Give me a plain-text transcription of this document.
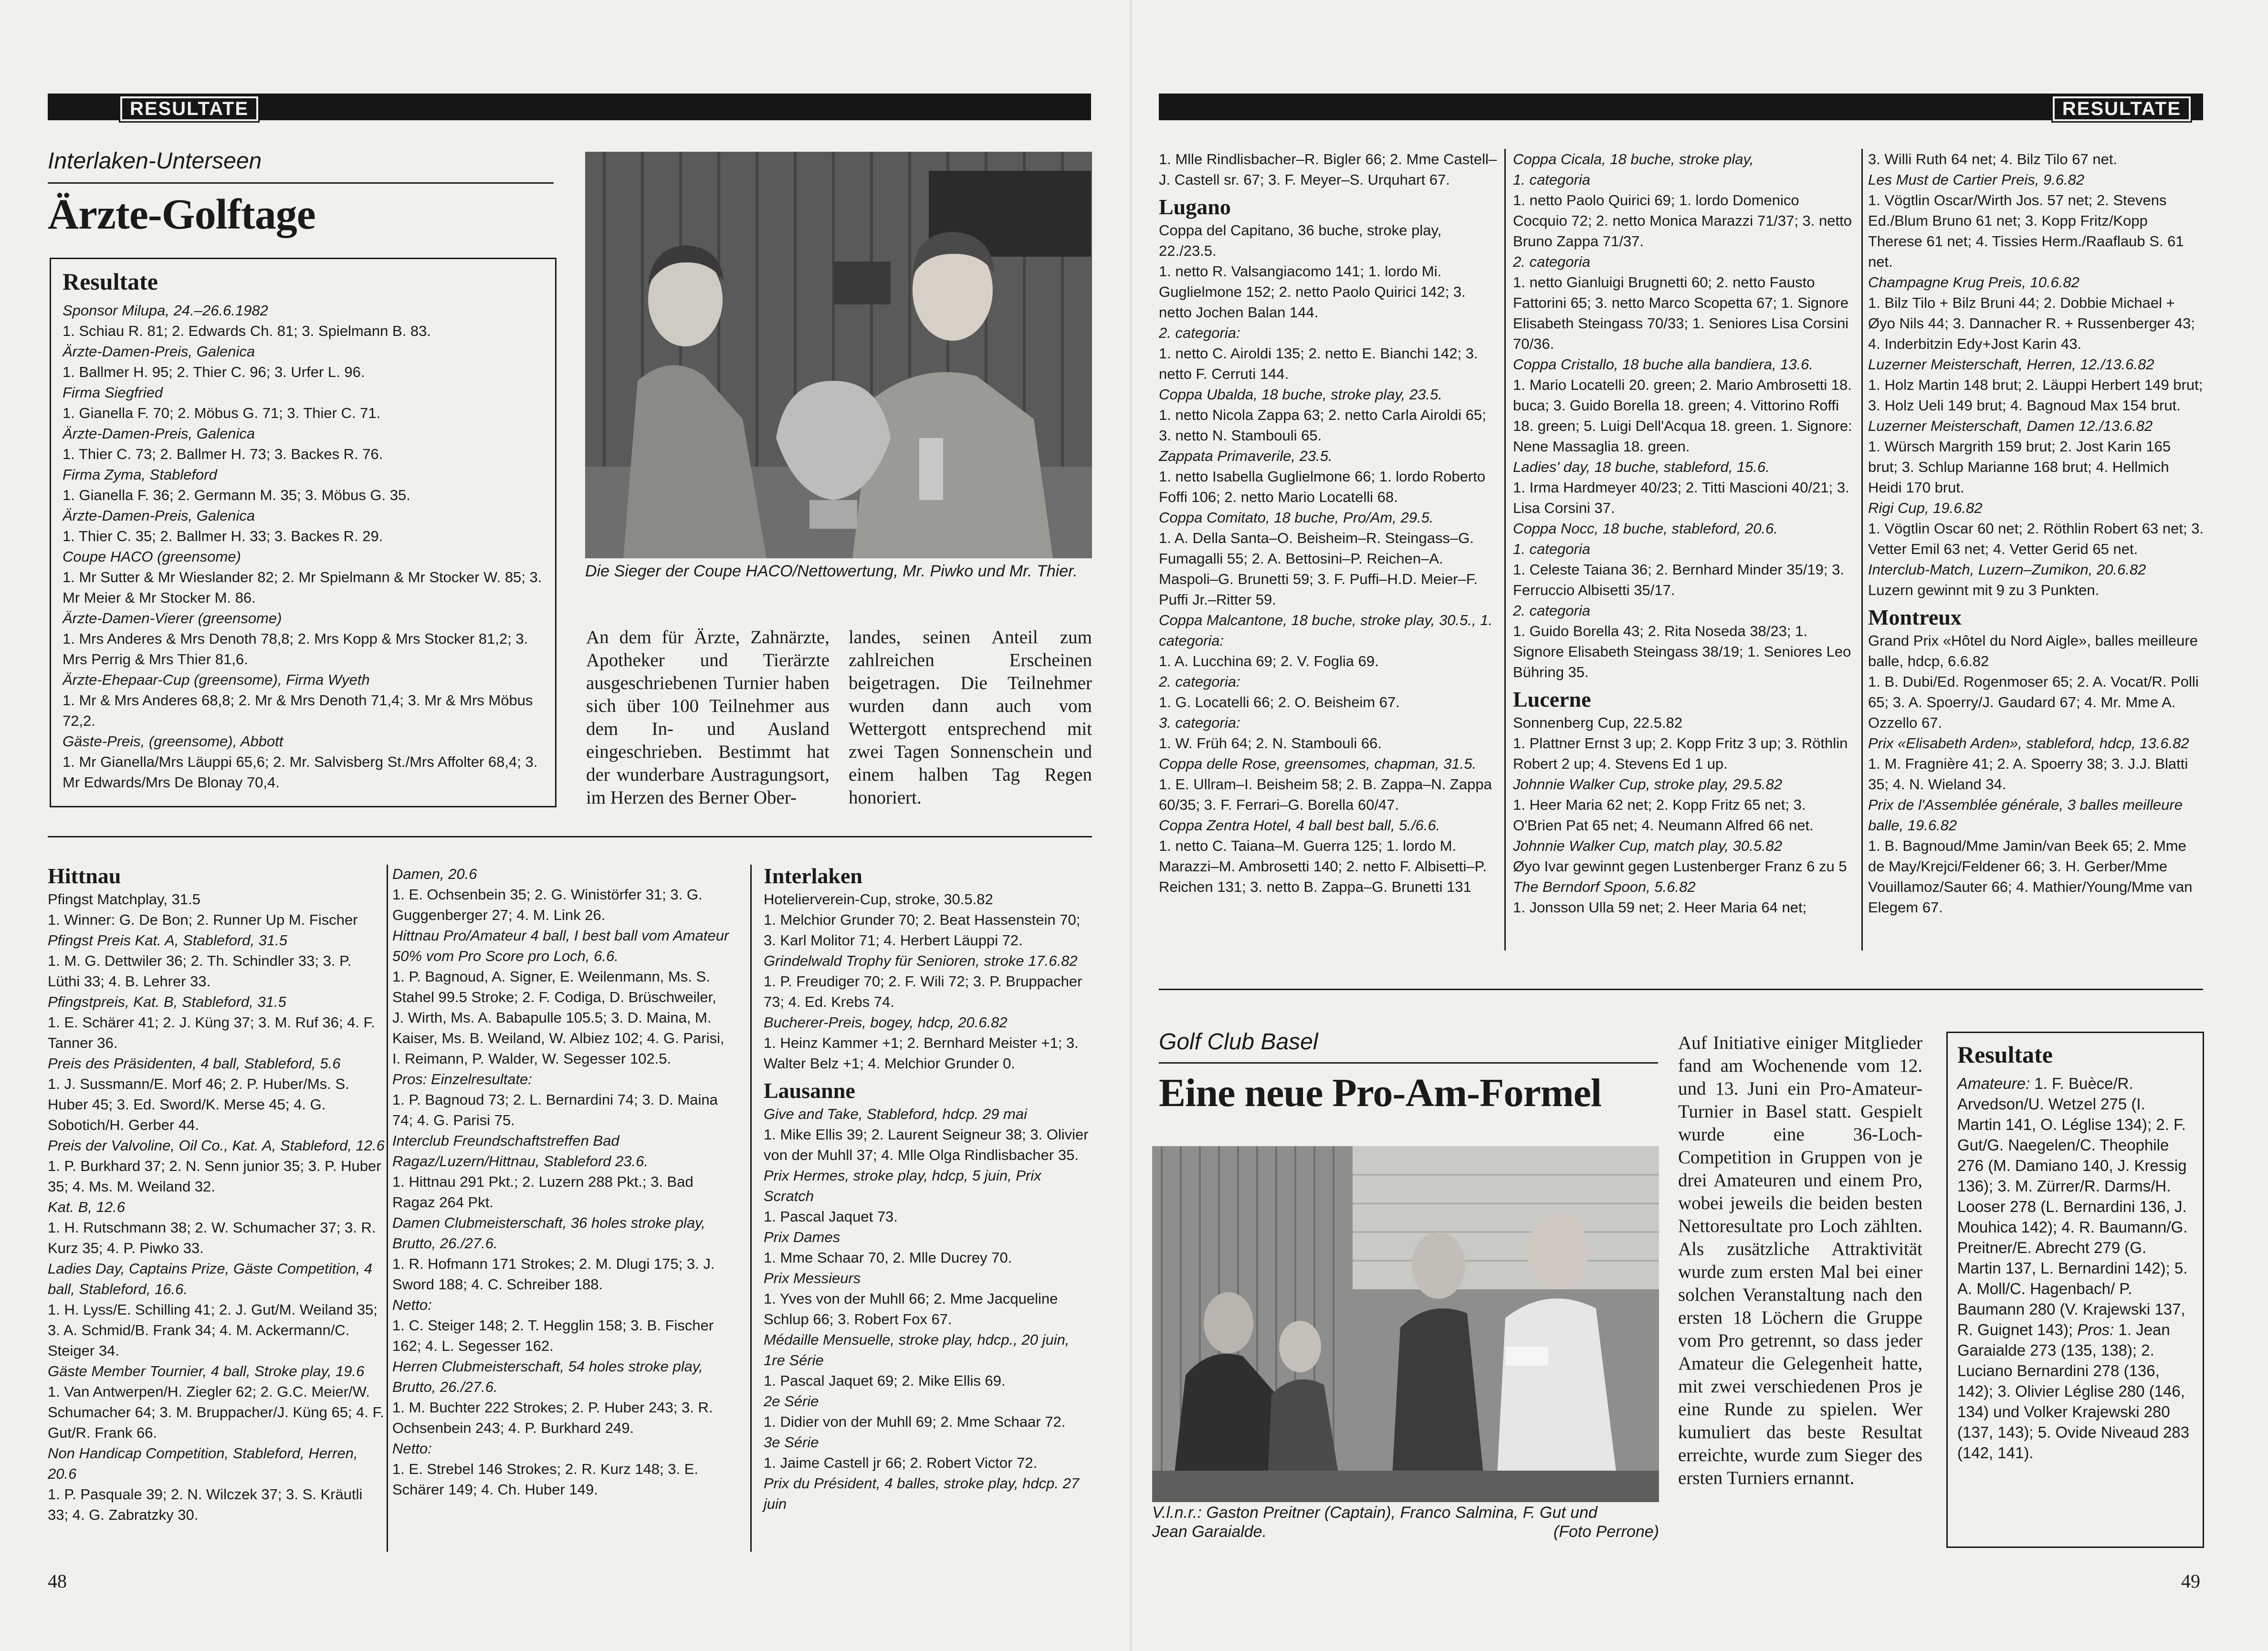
RESULTATE
Interlaken-Unterseen
Ärzte-Golftage
Resultate

Sponsor Milupa, 24.–26.6.1982

1. Schiau R. 81; 2. Edwards Ch. 81; 3. Spielmann B. 83.

Ärzte-Damen-Preis, Galenica

1. Ballmer H. 95; 2. Thier C. 96; 3. Urfer L. 96.

Firma Siegfried

1. Gianella F. 70; 2. Möbus G. 71; 3. Thier C. 71.

Ärzte-Damen-Preis, Galenica

1. Thier C. 73; 2. Ballmer H. 73; 3. Backes R. 76.

Firma Zyma, Stableford

1. Gianella F. 36; 2. Germann M. 35; 3. Möbus G. 35.

Ärzte-Damen-Preis, Galenica

1. Thier C. 35; 2. Ballmer H. 33; 3. Backes R. 29.

Coupe HACO (greensome)

1. Mr Sutter & Mr Wieslander 82; 2. Mr Spielmann & Mr Stocker W. 85; 3. Mr Meier & Mr Stocker M. 86.

Ärzte-Damen-Vierer (greensome)

1. Mrs Anderes & Mrs Denoth 78,8; 2. Mrs Kopp & Mrs Stocker 81,2; 3. Mrs Perrig & Mrs Thier 81,6.

Ärzte-Ehepaar-Cup (greensome), Firma Wyeth

1. Mr & Mrs Anderes 68,8; 2. Mr & Mrs Denoth 71,4; 3. Mr & Mrs Möbus 72,2.

Gäste-Preis, (greensome), Abbott

1. Mr Gianella/Mrs Läuppi 65,6; 2. Mr. Salvisberg St./Mrs Affolter 68,4; 3. Mr Edwards/Mrs De Blonay 70,4.

Die Sieger der Coupe HACO/Nettowertung, Mr. Piwko und Mr. Thier.
An dem für Ärzte, Zahnärzte, Apotheker und Tierärzte ausgeschriebenen Turnier haben sich über 100 Teilnehmer aus dem In- und Ausland eingeschrieben. Bestimmt hat der wunderbare Austragungsort, im Herzen des Berner Ober-
landes, seinen Anteil zum zahlreichen Erscheinen beigetragen. Die Teilnehmer wurden dann auch vom Wettergott entsprechend mit zwei Tagen Sonnenschein und einem halben Tag Regen honoriert.
Hittnau

Pfingst Matchplay, 31.5

1. Winner: G. De Bon; 2. Runner Up M. Fischer

Pfingst Preis Kat. A, Stableford, 31.5

1. M. G. Dettwiler 36; 2. Th. Schindler 33; 3. P. Lüthi 33; 4. B. Lehrer 33.

Pfingstpreis, Kat. B, Stableford, 31.5

1. E. Schärer 41; 2. J. Küng 37; 3. M. Ruf 36; 4. F. Tanner 36.

Preis des Präsidenten, 4 ball, Stableford, 5.6

1. J. Sussmann/E. Morf 46; 2. P. Huber/Ms. S. Huber 45; 3. Ed. Sword/K. Merse 45; 4. G. Sobotich/H. Gerber 44.

Preis der Valvoline, Oil Co., Kat. A, Stableford, 12.6

1. P. Burkhard 37; 2. N. Senn junior 35; 3. P. Huber 35; 4. Ms. M. Weiland 32.

Kat. B, 12.6

1. H. Rutschmann 38; 2. W. Schumacher 37; 3. R. Kurz 35; 4. P. Piwko 33.

Ladies Day, Captains Prize, Gäste Competition, 4 ball, Stableford, 16.6.

1. H. Lyss/E. Schilling 41; 2. J. Gut/M. Weiland 35; 3. A. Schmid/B. Frank 34; 4. M. Ackermann/C. Steiger 34.

Gäste Member Tournier, 4 ball, Stroke play, 19.6

1. Van Antwerpen/H. Ziegler 62; 2. G.C. Meier/W. Schumacher 64; 3. M. Bruppacher/J. Küng 65; 4. F. Gut/R. Frank 66.

Non Handicap Competition, Stableford, Herren, 20.6

1. P. Pasquale 39; 2. N. Wilczek 37; 3. S. Kräutli 33; 4. G. Zabratzky 30.

Damen, 20.6

1. E. Ochsenbein 35; 2. G. Winistörfer 31; 3. G. Guggenberger 27; 4. M. Link 26.

Hittnau Pro/Amateur 4 ball, I best ball vom Amateur 50% vom Pro Score pro Loch, 6.6.

1. P. Bagnoud, A. Signer, E. Weilenmann, Ms. S. Stahel 99.5 Stroke; 2. F. Codiga, D. Brüschweiler, J. Wirth, Ms. A. Babapulle 105.5; 3. D. Maina, M. Kaiser, Ms. B. Weiland, W. Albiez 102; 4. G. Parisi, I. Reimann, P. Walder, W. Segesser 102.5.

Pros: Einzelresultate:

1. P. Bagnoud 73; 2. L. Bernardini 74; 3. D. Maina 74; 4. G. Parisi 75.

Interclub Freundschaftstreffen Bad Ragaz/Luzern/Hittnau, Stableford 23.6.

1. Hittnau 291 Pkt.; 2. Luzern 288 Pkt.; 3. Bad Ragaz 264 Pkt.

Damen Clubmeisterschaft, 36 holes stroke play, Brutto, 26./27.6.

1. R. Hofmann 171 Strokes; 2. M. Dlugi 175; 3. J. Sword 188; 4. C. Schreiber 188.

Netto:

1. C. Steiger 148; 2. T. Hegglin 158; 3. B. Fischer 162; 4. L. Segesser 162.

Herren Clubmeisterschaft, 54 holes stroke play, Brutto, 26./27.6.

1. M. Buchter 222 Strokes; 2. P. Huber 243; 3. R. Ochsenbein 243; 4. P. Burkhard 249.

Netto:

1. E. Strebel 146 Strokes; 2. R. Kurz 148; 3. E. Schärer 149; 4. Ch. Huber 149.

Interlaken

Hotelierverein-Cup, stroke, 30.5.82

1. Melchior Grunder 70; 2. Beat Hassenstein 70; 3. Karl Molitor 71; 4. Herbert Läuppi 72.

Grindelwald Trophy für Senioren, stroke 17.6.82

1. P. Freudiger 70; 2. F. Wili 72; 3. P. Bruppacher 73; 4. Ed. Krebs 74.

Bucherer-Preis, bogey, hdcp, 20.6.82

1. Heinz Kammer +1; 2. Bernhard Meister +1; 3. Walter Belz +1; 4. Melchior Grunder 0.

Lausanne

Give and Take, Stableford, hdcp. 29 mai

1. Mike Ellis 39; 2. Laurent Seigneur 38; 3. Olivier von der Muhll 37; 4. Mlle Olga Rindlisbacher 35.

Prix Hermes, stroke play, hdcp, 5 juin, Prix Scratch

1. Pascal Jaquet 73.

Prix Dames

1. Mme Schaar 70, 2. Mlle Ducrey 70.

Prix Messieurs

1. Yves von der Muhll 66; 2. Mme Jacqueline Schlup 66; 3. Robert Fox 67.

Médaille Mensuelle, stroke play, hdcp., 20 juin, 1re Série

1. Pascal Jaquet 69; 2. Mike Ellis 69.

2e Série

1. Didier von der Muhll 69; 2. Mme Schaar 72.

3e Série

1. Jaime Castell jr 66; 2. Robert Victor 72.

Prix du Président, 4 balles, stroke play, hdcp. 27 juin

48
RESULTATE

1. Mlle Rindlisbacher–R. Bigler 66; 2. Mme Castell–J. Castell sr. 67; 3. F. Meyer–S. Urquhart 67.

Lugano

Coppa del Capitano, 36 buche, stroke play, 22./23.5.

1. netto R. Valsangiacomo 141; 1. lordo Mi. Guglielmone 152; 2. netto Paolo Quirici 142; 3. netto Jochen Balan 144.

2. categoria:

1. netto C. Airoldi 135; 2. netto E. Bianchi 142; 3. netto F. Cerruti 144.

Coppa Ubalda, 18 buche, stroke play, 23.5.

1. netto Nicola Zappa 63; 2. netto Carla Airoldi 65; 3. netto N. Stambouli 65.

Zappata Primaverile, 23.5.

1. netto Isabella Guglielmone 66; 1. lordo Roberto Foffi 106; 2. netto Mario Locatelli 68.

Coppa Comitato, 18 buche, Pro/Am, 29.5.

1. A. Della Santa–O. Beisheim–R. Steingass–G. Fumagalli 55; 2. A. Bettosini–P. Reichen–A. Maspoli–G. Brunetti 59; 3. F. Puffi–H.D. Meier–F. Puffi Jr.–Ritter 59.

Coppa Malcantone, 18 buche, stroke play, 30.5., 1. categoria:

1. A. Lucchina 69; 2. V. Foglia 69.

2. categoria:

1. G. Locatelli 66; 2. O. Beisheim 67.

3. categoria:

1. W. Früh 64; 2. N. Stambouli 66.

Coppa delle Rose, greensomes, chapman, 31.5.

1. E. Ullram–I. Beisheim 58; 2. B. Zappa–N. Zappa 60/35; 3. F. Ferrari–G. Borella 60/47.

Coppa Zentra Hotel, 4 ball best ball, 5./6.6.

1. netto C. Taiana–M. Guerra 125; 1. lordo M. Marazzi–M. Ambrosetti 140; 2. netto F. Albisetti–P. Reichen 131; 3. netto B. Zappa–G. Brunetti 131

Coppa Cicala, 18 buche, stroke play,

1. categoria

1. netto Paolo Quirici 69; 1. lordo Domenico Cocquio 72; 2. netto Monica Marazzi 71/37; 3. netto Bruno Zappa 71/37.

2. categoria

1. netto Gianluigi Brugnetti 60; 2. netto Fausto Fattorini 65; 3. netto Marco Scopetta 67; 1. Signore Elisabeth Steingass 70/33; 1. Seniores Lisa Corsini 70/36.

Coppa Cristallo, 18 buche alla bandiera, 13.6.

1. Mario Locatelli 20. green; 2. Mario Ambrosetti 18. buca; 3. Guido Borella 18. green; 4. Vittorino Roffi 18. green; 5. Luigi Dell'Acqua 18. green. 1. Signore:

Nene Massaglia 18. green.

Ladies' day, 18 buche, stableford, 15.6.

1. Irma Hardmeyer 40/23; 2. Titti Mascioni 40/21; 3. Lisa Corsini 37.

Coppa Nocc, 18 buche, stableford, 20.6.

1. categoria

1. Celeste Taiana 36; 2. Bernhard Minder 35/19; 3. Ferruccio Albisetti 35/17.

2. categoria

1. Guido Borella 43; 2. Rita Noseda 38/23; 1. Signore Elisabeth Steingass 38/19; 1. Seniores Leo Bühring 35.

Lucerne

Sonnenberg Cup, 22.5.82

1. Plattner Ernst 3 up; 2. Kopp Fritz 3 up; 3. Röthlin Robert 2 up; 4. Stevens Ed 1 up.

Johnnie Walker Cup, stroke play, 29.5.82

1. Heer Maria 62 net; 2. Kopp Fritz 65 net; 3. O'Brien Pat 65 net; 4. Neumann Alfred 66 net.

Johnnie Walker Cup, match play, 30.5.82

Øyo Ivar gewinnt gegen Lustenberger Franz 6 zu 5

The Berndorf Spoon, 5.6.82

1. Jonsson Ulla 59 net; 2. Heer Maria 64 net;

3. Willi Ruth 64 net; 4. Bilz Tilo 67 net.

Les Must de Cartier Preis, 9.6.82

1. Vögtlin Oscar/Wirth Jos. 57 net; 2. Stevens Ed./Blum Bruno 61 net; 3. Kopp Fritz/Kopp Therese 61 net; 4. Tissies Herm./Raaflaub S. 61 net.

Champagne Krug Preis, 10.6.82

1. Bilz Tilo + Bilz Bruni 44; 2. Dobbie Michael + Øyo Nils 44; 3. Dannacher R. + Russenberger 43; 4. Inderbitzin Edy+Jost Karin 43.

Luzerner Meisterschaft, Herren, 12./13.6.82

1. Holz Martin 148 brut; 2. Läuppi Herbert 149 brut; 3. Holz Ueli 149 brut; 4. Bagnoud Max 154 brut.

Luzerner Meisterschaft, Damen 12./13.6.82

1. Würsch Margrith 159 brut; 2. Jost Karin 165 brut; 3. Schlup Marianne 168 brut; 4. Hellmich Heidi 170 brut.

Rigi Cup, 19.6.82

1. Vögtlin Oscar 60 net; 2. Röthlin Robert 63 net; 3. Vetter Emil 63 net; 4. Vetter Gerid 65 net.

Interclub-Match, Luzern–Zumikon, 20.6.82

Luzern gewinnt mit 9 zu 3 Punkten.

Montreux

Grand Prix «Hôtel du Nord Aigle», balles meilleure balle, hdcp, 6.6.82

1. B. Dubi/Ed. Rogenmoser 65; 2. A. Vocat/R. Polli 65; 3. A. Spoerry/J. Gaudard 67; 4. Mr. Mme A. Ozzello 67.

Prix «Elisabeth Arden», stableford, hdcp, 13.6.82

1. M. Fragnière 41; 2. A. Spoerry 38; 3. J.J. Blatti 35; 4. N. Wieland 34.

Prix de l'Assemblée générale, 3 balles meilleure balle, 19.6.82

1. B. Bagnoud/Mme Jamin/van Beek 65; 2. Mme de May/Krejci/Feldener 66; 3. H. Gerber/Mme Vouillamoz/Sauter 66; 4. Mathier/Young/Mme van Elegem 67.

Golf Club Basel
Eine neue Pro-Am-Formel
V.l.n.r.: Gaston Preitner (Captain), Franco Salmina, F. Gut und
Jean Garaialde.	(Foto Perrone)
Auf Initiative einiger Mitglieder fand am Wochenende vom 12. und 13. Juni ein Pro-Amateur-Turnier in Basel statt. Gespielt wurde eine 36-Loch-Competition in Gruppen von je drei Amateuren und einem Pro, wobei jeweils die beiden besten Nettoresultate pro Loch zählten. Als zusätzliche Attraktivität wurde zum ersten Mal bei einer solchen Veranstaltung nach den ersten 18 Löchern die Gruppe vom Pro getrennt, so dass jeder Amateur die Gelegenheit hatte, mit zwei verschiedenen Pros je eine Runde zu spielen. Wer kumuliert das beste Resultat erreichte, wurde zum Sieger des ersten Turniers ernannt.
Resultate
Amateure: 1. F. Buèce/R. Arvedson/U. Wetzel 275 (I. Martin 141, O. Léglise 134); 2. F. Gut/G. Naegelen/C. Theophile 276 (M. Damiano 140, J. Kressig 136); 3. M. Zürrer/R. Darms/H. Looser 278 (L. Bernardini 136, J. Mouhica 142); 4. R. Baumann/G. Preitner/E. Abrecht 279 (G. Martin 137, L. Bernardini 142); 5. A. Moll/C. Hagenbach/ P. Baumann 280 (V. Krajewski 137, R. Guignet 143); Pros: 1. Jean Garaialde 273 (135, 138); 2. Luciano Bernardini 278 (136, 142); 3. Olivier Léglise 280 (146, 134) und Volker Krajewski 280 (137, 143); 5. Ovide Niveaud 283 (142, 141).
49
